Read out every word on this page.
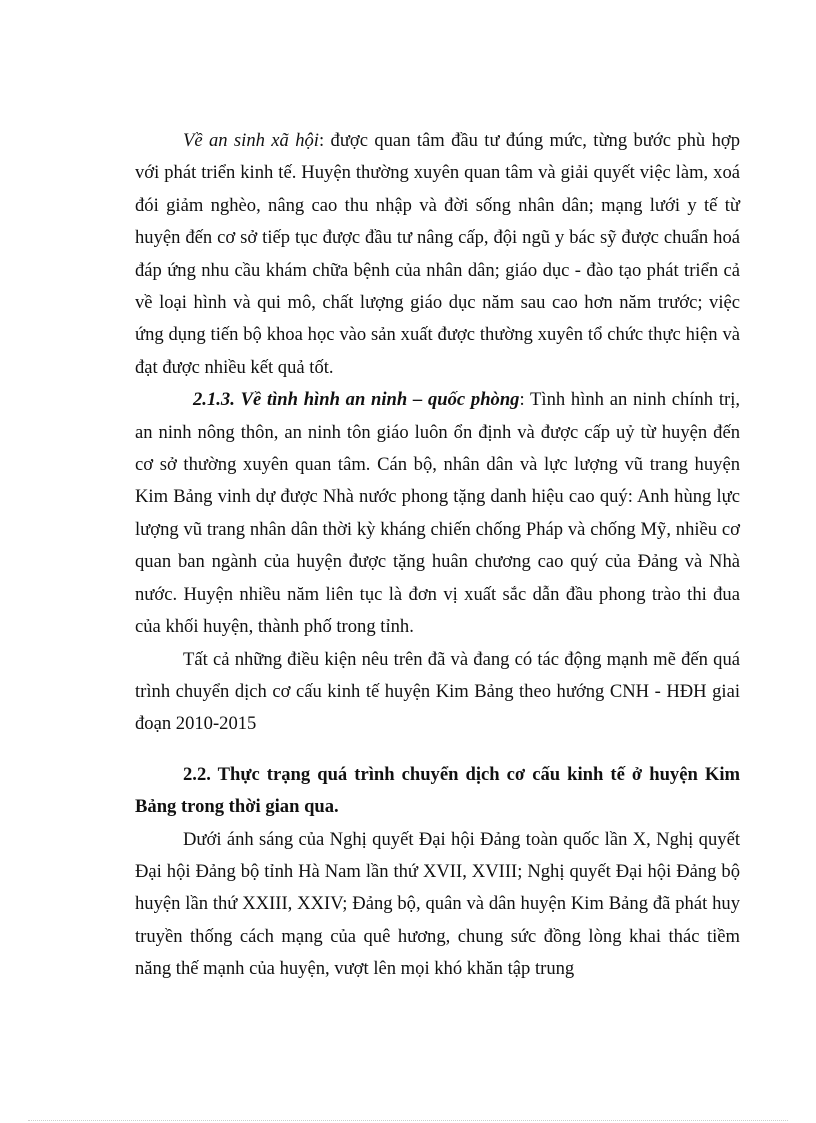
Về an sinh xã hội: được quan tâm đầu tư đúng mức, từng bước phù hợp với phát triển kinh tế. Huyện thường xuyên quan tâm và giải quyết việc làm, xoá đói giảm nghèo, nâng cao thu nhập và đời sống nhân dân; mạng lưới y tế từ huyện đến cơ sở tiếp tục được đầu tư nâng cấp, đội ngũ y bác sỹ được chuẩn hoá đáp ứng nhu cầu khám chữa bệnh của nhân dân; giáo dục - đào tạo phát triển cả về loại hình và qui mô, chất lượng giáo dục năm sau cao hơn năm trước; việc ứng dụng tiến bộ khoa học vào sản xuất được thường xuyên tổ chức thực hiện và đạt được nhiều kết quả tốt.

2.1.3. Về tình hình an ninh – quốc phòng: Tình hình an ninh chính trị, an ninh nông thôn, an ninh tôn giáo luôn ổn định và được cấp uỷ từ huyện đến cơ sở thường xuyên quan tâm. Cán bộ, nhân dân và lực lượng vũ trang huyện Kim Bảng vinh dự được Nhà nước phong tặng danh hiệu cao quý: Anh hùng lực lượng vũ trang nhân dân thời kỳ kháng chiến chống Pháp và chống Mỹ, nhiều cơ quan ban ngành của huyện được tặng huân chương cao quý của Đảng và Nhà nước. Huyện nhiều năm liên tục là đơn vị xuất sắc dẫn đầu phong trào thi đua của khối huyện, thành phố trong tỉnh.

Tất cả những điều kiện nêu trên đã và đang có tác động mạnh mẽ đến quá trình chuyển dịch cơ cấu kinh tế huyện Kim Bảng theo hướng CNH - HĐH giai đoạn 2010-2015

2.2. Thực trạng quá trình chuyển dịch cơ cấu kinh tế ở huyện Kim Bảng trong thời gian qua.

Dưới ánh sáng của Nghị quyết Đại hội Đảng toàn quốc lần X, Nghị quyết Đại hội Đảng bộ tỉnh Hà Nam lần thứ XVII, XVIII; Nghị quyết Đại hội Đảng bộ huyện lần thứ XXIII, XXIV; Đảng bộ, quân và dân huyện Kim Bảng đã phát huy truyền thống cách mạng của quê hương, chung sức đồng lòng khai thác tiềm năng thế mạnh của huyện, vượt lên mọi khó khăn tập trung
